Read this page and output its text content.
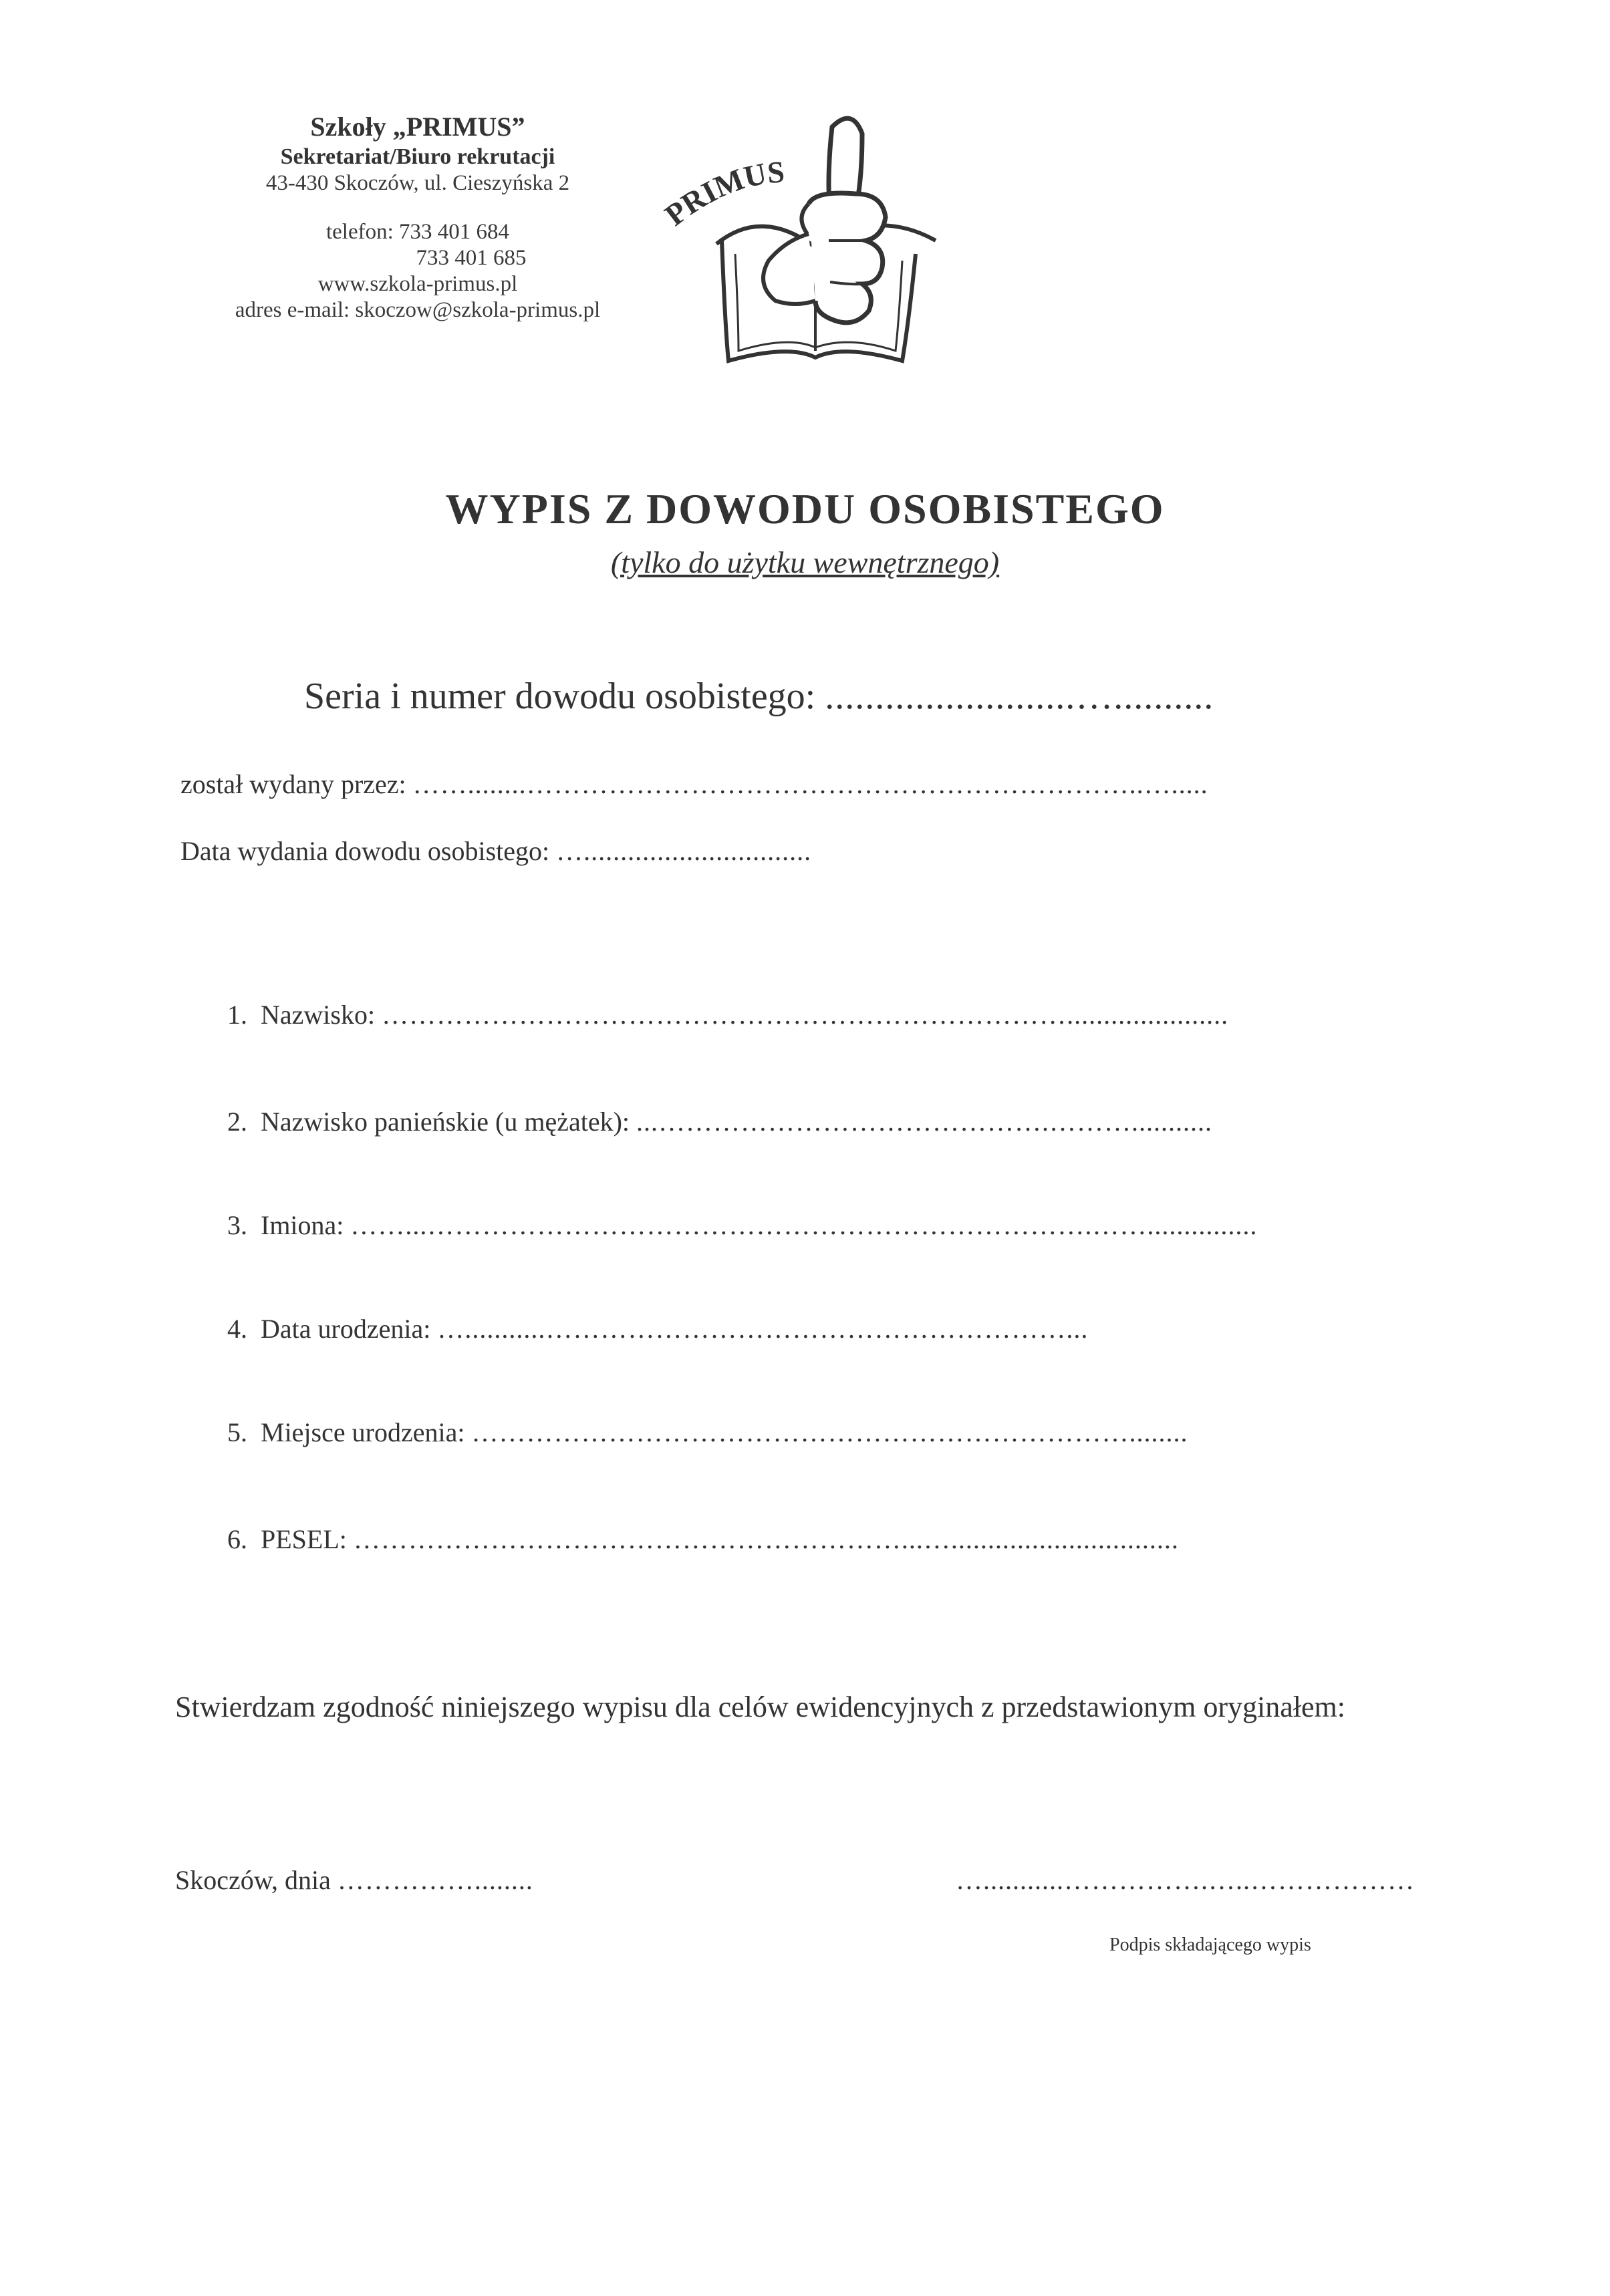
Szkoły „PRIMUS”
Sekretariat/Biuro rekrutacji
43-430 Skoczów, ul. Cieszyńska 2
telefon: 733 401 684
733 401 685
www.szkola-primus.pl
adres e-mail: skoczow@szkola-primus.pl
PRIMUS
WYPIS Z DOWODU OSOBISTEGO
(tylko do użytku wewnętrznego)
Seria i numer dowodu osobistego: .........................…..........
został wydany przez: ……........…………………………………………………………..….....
Data wydania dowodu osobistego: …...............................
1. Nazwisko: …………………………………………………………………......................
2. Nazwisko panieńskie (u mężatek): ...…………………………………….………...........
3. Imiona: ……...……………………………………………………………….……...............
4. Data urodzenia: …...........…………………………………………………...
5. Miejsce urodzenia: ………………………………………………………………........
6. PESEL: ……………………………………………………...…...............................
Stwierdzam zgodność niniejszego wypisu dla celów ewidencyjnych z przedstawionym oryginałem:
Skoczów, dnia ……………........	…...........…………….…..………………
Podpis składającego wypis
